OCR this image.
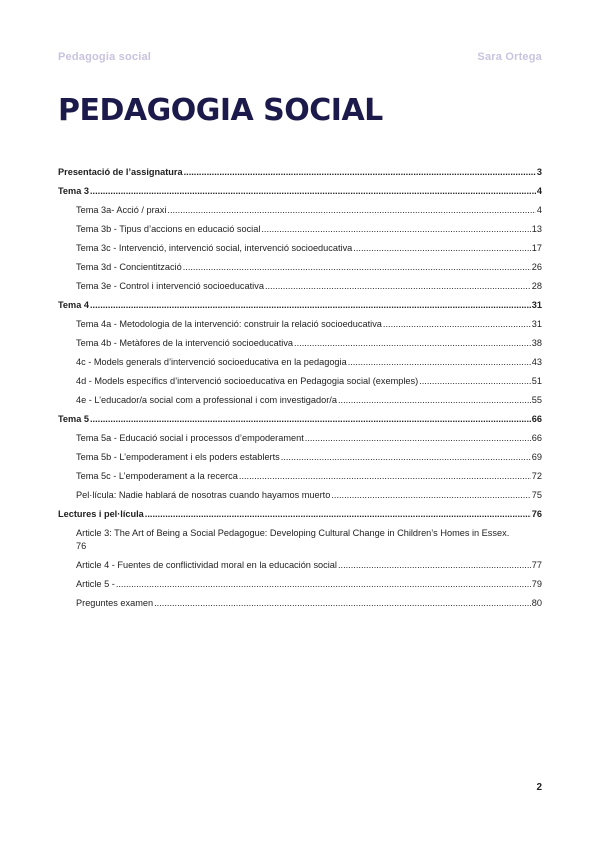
Pedagogia social	Sara Ortega
PEDAGOGIA SOCIAL
Presentació de l’assignatura .....	3
Tema 3 .....	4
Tema 3a- Acció / praxi .....	4
Tema 3b - Tipus d’accions en educació social .....	13
Tema 3c - Intervenció, intervenció social, intervenció socioeducativa .....	17
Tema 3d - Concientització .....	26
Tema 3e - Control i intervenció socioeducativa .....	28
Tema 4 .....	31
Tema 4a - Metodologia de la intervenció: construir la relació socioeducativa .....	31
Tema 4b - Metàfores de la intervenció socioeducativa .....	38
4c - Models generals d’intervenció socioeducativa en la pedagogia .....	43
4d - Models específics d’intervenció socioeducativa en Pedagogia social (exemples) .....	51
4e - L’educador/a social com a professional i com investigador/a .....	55
Tema 5 .....	66
Tema 5a - Educació social i processos d’empoderament .....	66
Tema 5b - L’empoderament i els poders establerts .....	69
Tema 5c - L’empoderament a la recerca .....	72
Pel·lícula: Nadie hablará de nosotras cuando hayamos muerto .....	75
Lectures i pel·lícula .....	76
Article 3: The Art of Being a Social Pedagogue: Developing Cultural Change in Children’s Homes in Essex.
76
Article 4 - Fuentes de conflictividad moral en la educación social .....	77
Article 5 - .....	79
Preguntes examen .....	80
2
